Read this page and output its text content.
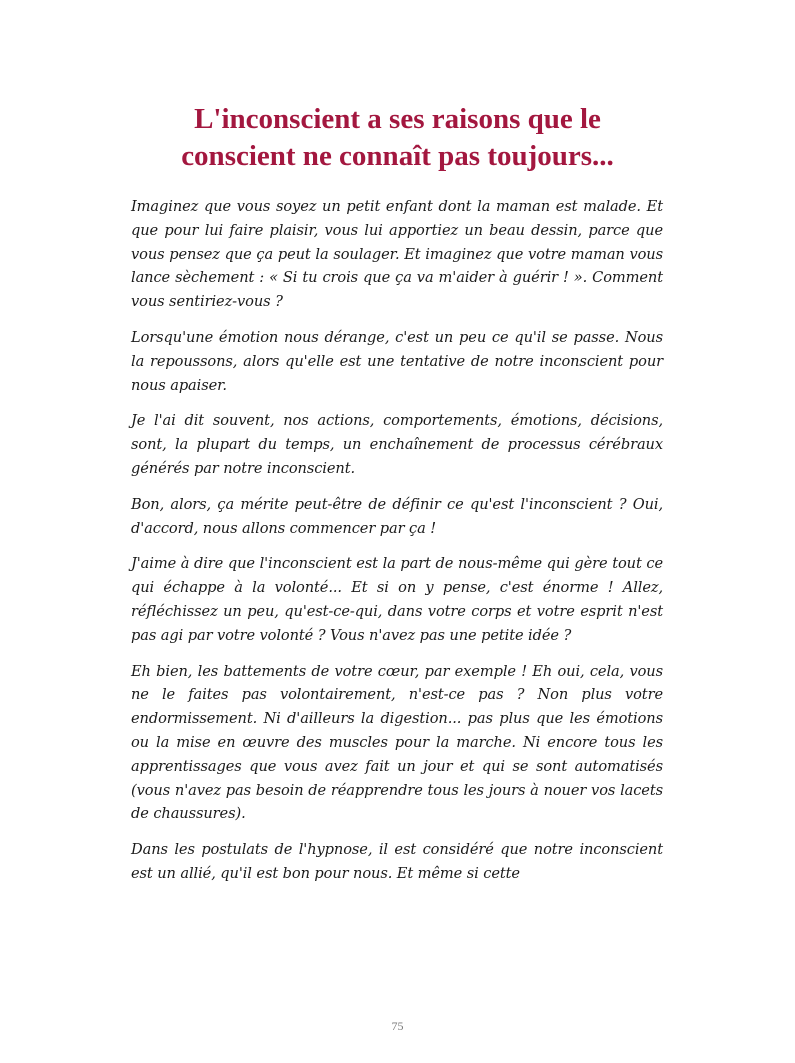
L'inconscient a ses raisons que le
conscient ne connaît pas toujours...

Imaginez que vous soyez un petit enfant dont la maman est malade. Et que pour lui faire plaisir, vous lui apportiez un beau dessin, parce que vous pensez que ça peut la soulager. Et imaginez que votre maman vous lance sèchement : « Si tu crois que ça va m'aider à guérir ! ». Comment vous sentiriez-vous ?

Lorsqu'une émotion nous dérange, c'est un peu ce qu'il se passe. Nous la repoussons, alors qu'elle est une tentative de notre inconscient pour nous apaiser.

Je l'ai dit souvent, nos actions, comportements, émotions, décisions, sont, la plupart du temps, un enchaînement de processus cérébraux générés par notre inconscient.

Bon, alors, ça mérite peut-être de définir ce qu'est l'inconscient ? Oui, d'accord, nous allons commencer par ça !

J'aime à dire que l'inconscient est la part de nous-même qui gère tout ce qui échappe à la volonté... Et si on y pense, c'est énorme ! Allez, réfléchissez un peu, qu'est-ce-qui, dans votre corps et votre esprit n'est pas agi par votre volonté ? Vous n'avez pas une petite idée ?

Eh bien, les battements de votre cœur, par exemple ! Eh oui, cela, vous ne le faites pas volontairement, n'est-ce pas ? Non plus votre endormissement. Ni d'ailleurs la digestion... pas plus que les émotions ou la mise en œuvre des muscles pour la marche. Ni encore tous les apprentissages que vous avez fait un jour et qui se sont automatisés (vous n'avez pas besoin de réapprendre tous les jours à nouer vos lacets de chaussures).

Dans les postulats de l'hypnose, il est considéré que notre inconscient est un allié, qu'il est bon pour nous. Et même si cette

75
